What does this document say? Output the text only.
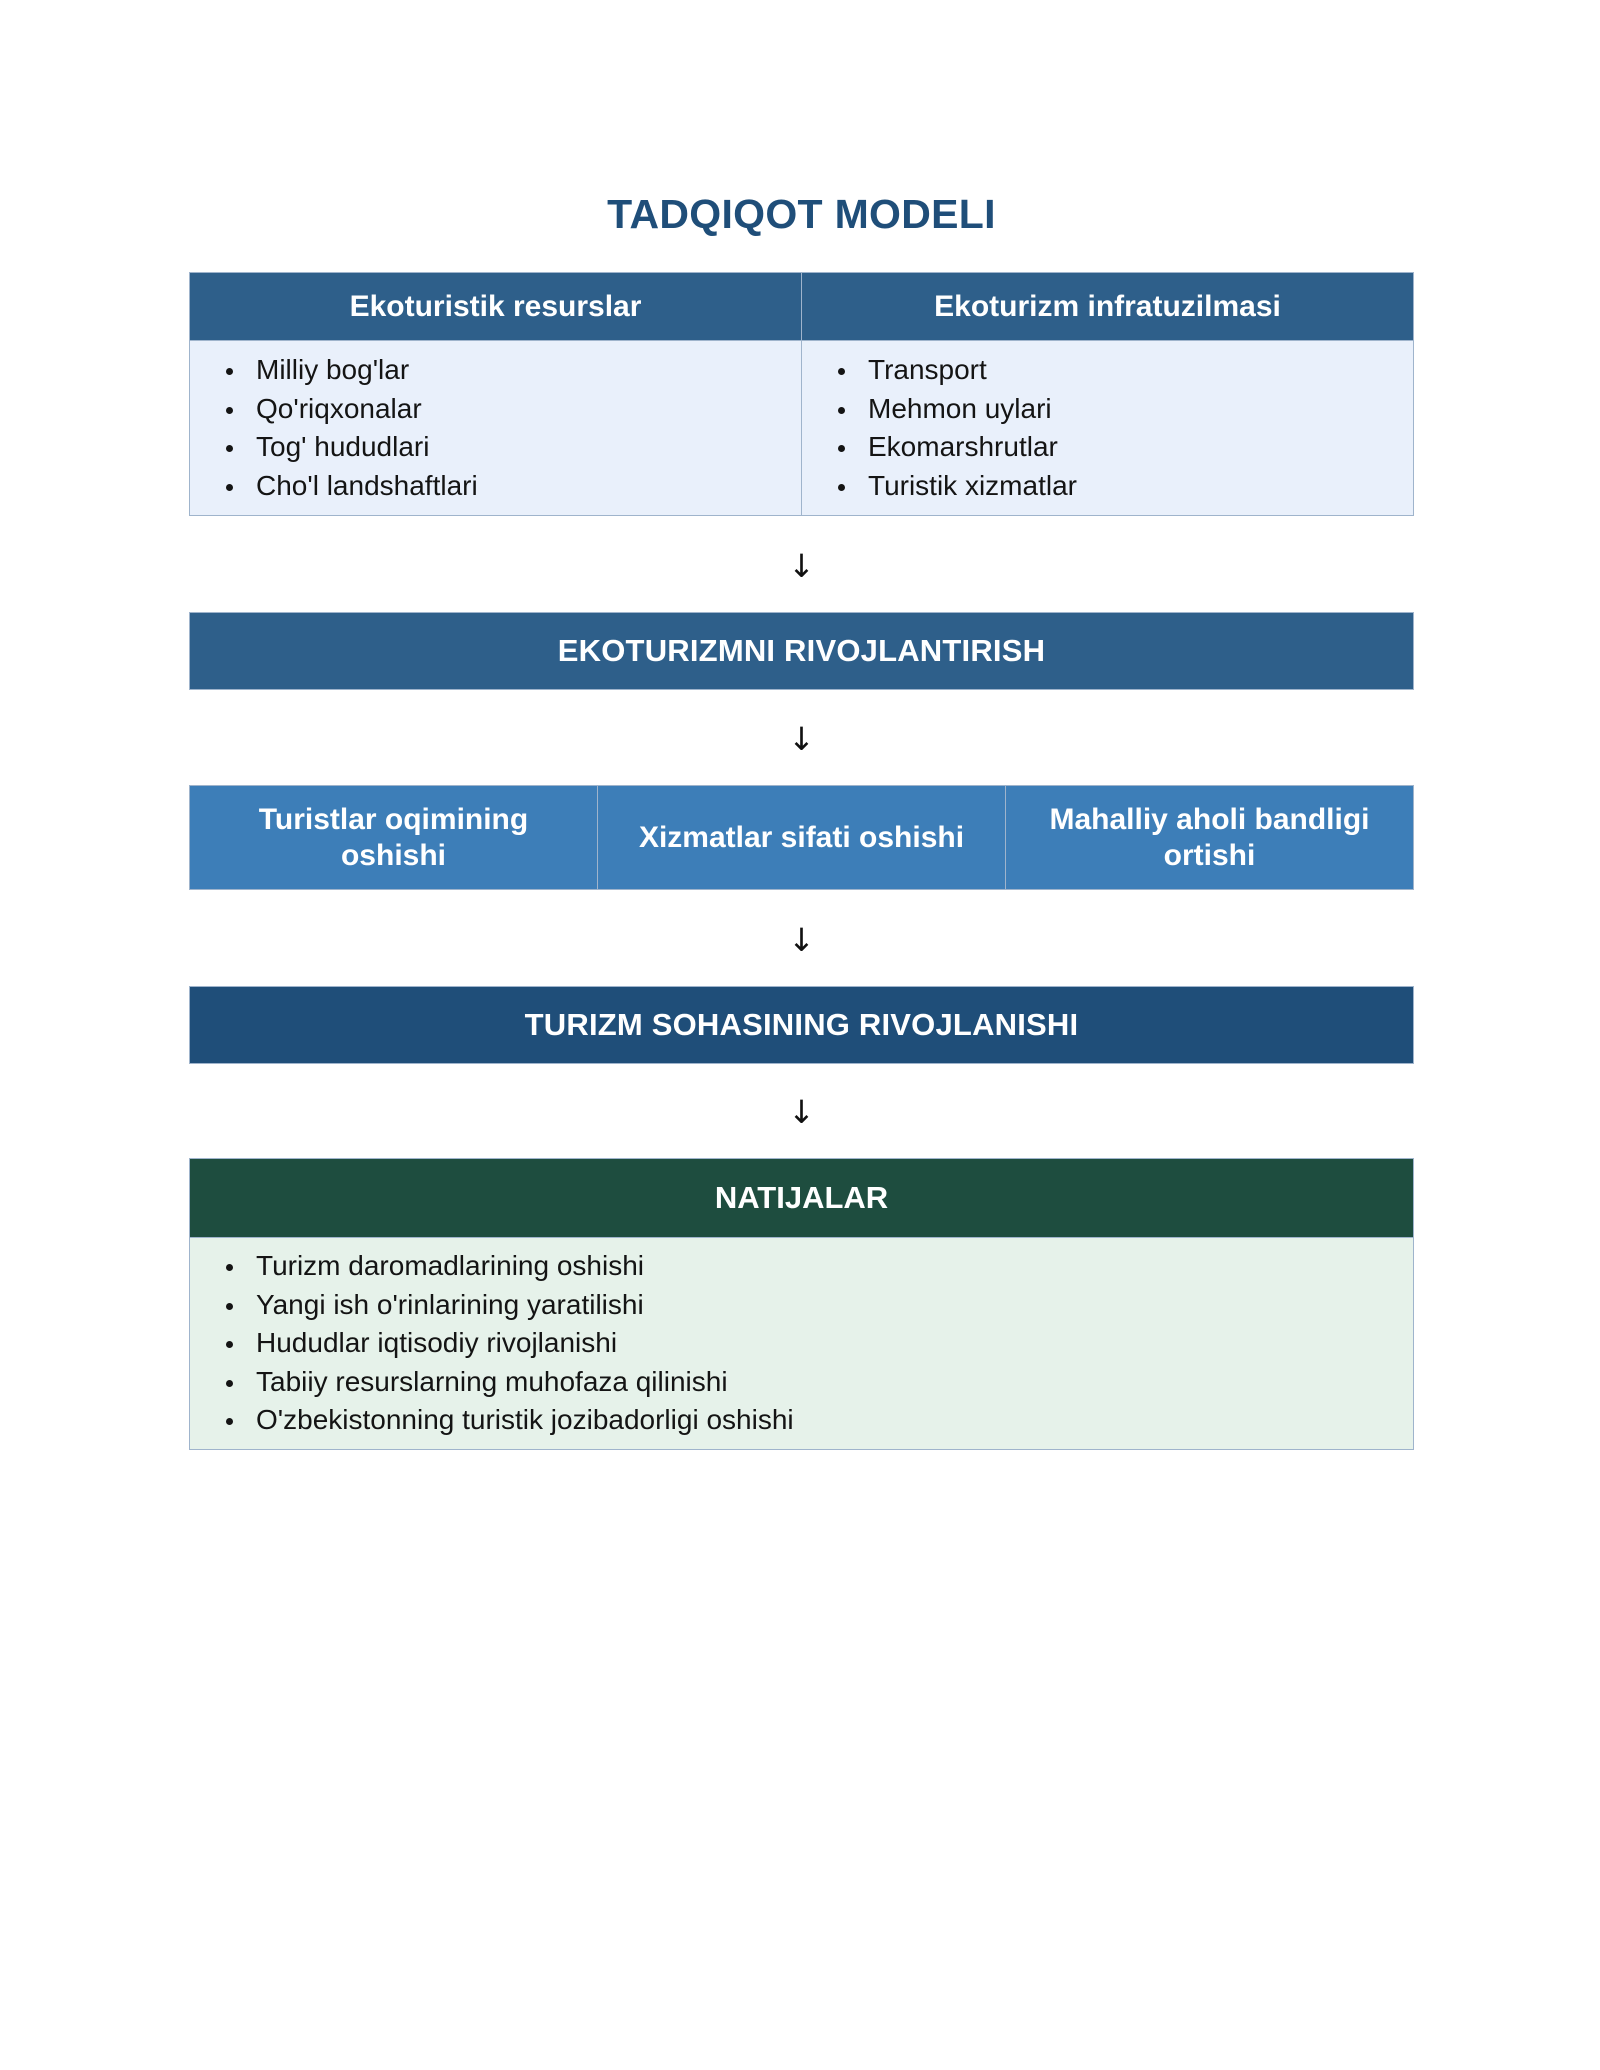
TADQIQOT MODELI
Ekoturistik resurslar
Milliy bog'lar
Qo'riqxonalar
Tog' hududlari
Cho'l landshaftlari
Ekoturizm infratuzilmasi
Transport
Mehmon uylari
Ekomarshrutlar
Turistik xizmatlar
↓
EKOTURIZMNI RIVOJLANTIRISH
↓
Turistlar oqimining oshishi
Xizmatlar sifati oshishi
Mahalliy aholi bandligi ortishi
↓
TURIZM SOHASINING RIVOJLANISHI
↓
NATIJALAR
Turizm daromadlarining oshishi
Yangi ish o'rinlarining yaratilishi
Hududlar iqtisodiy rivojlanishi
Tabiiy resurslarning muhofaza qilinishi
O'zbekistonning turistik jozibadorligi oshishi
